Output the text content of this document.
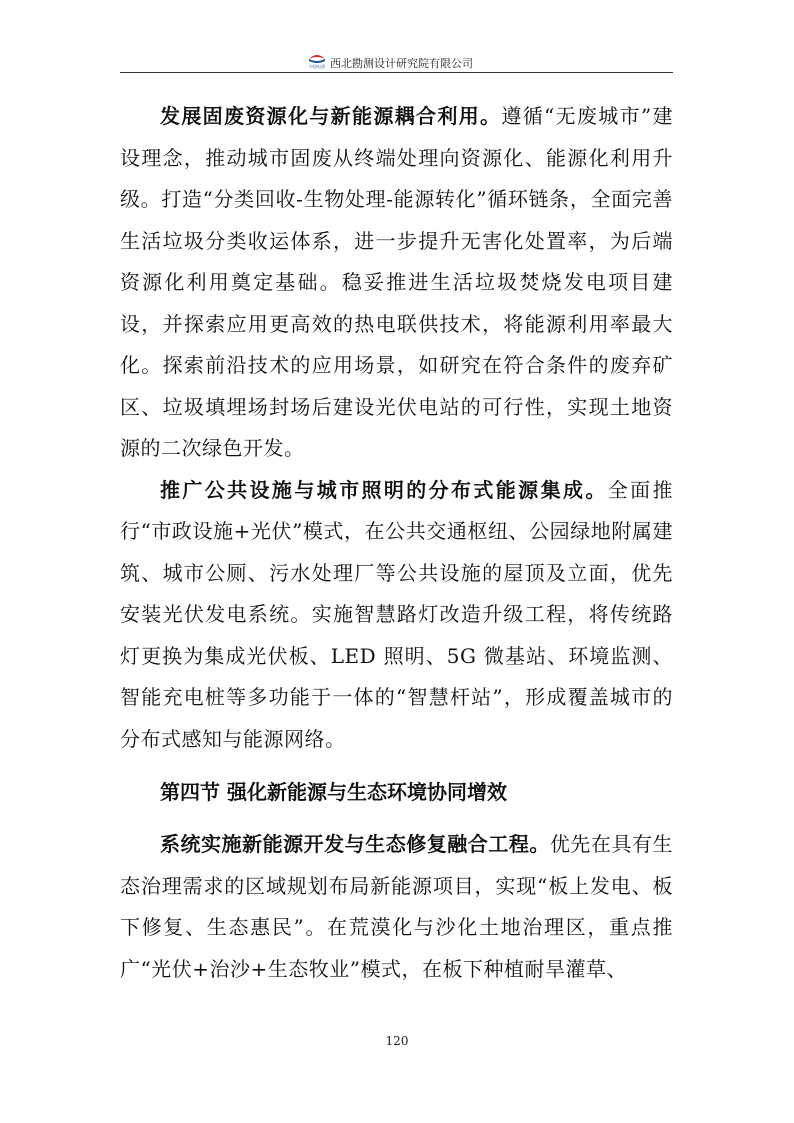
中国电建 西北勘测设计研究院有限公司

发展固废资源化与新能源耦合利用。遵循“无废城市”建设理念，推动城市固废从终端处理向资源化、能源化利用升级。打造“分类回收-生物处理-能源转化”循环链条，全面完善生活垃圾分类收运体系，进一步提升无害化处置率，为后端资源化利用奠定基础。稳妥推进生活垃圾焚烧发电项目建设，并探索应用更高效的热电联供技术，将能源利用率最大化。探索前沿技术的应用场景，如研究在符合条件的废弃矿区、垃圾填埋场封场后建设光伏电站的可行性，实现土地资源的二次绿色开发。

推广公共设施与城市照明的分布式能源集成。全面推行“市政设施+光伏”模式，在公共交通枢纽、公园绿地附属建筑、城市公厕、污水处理厂等公共设施的屋顶及立面，优先安装光伏发电系统。实施智慧路灯改造升级工程，将传统路灯更换为集成光伏板、LED 照明、5G 微基站、环境监测、智能充电桩等多功能于一体的“智慧杆站”，形成覆盖城市的分布式感知与能源网络。

第四节 强化新能源与生态环境协同增效

系统实施新能源开发与生态修复融合工程。优先在具有生态治理需求的区域规划布局新能源项目，实现“板上发电、板下修复、生态惠民”。在荒漠化与沙化土地治理区，重点推广“光伏+治沙+生态牧业”模式，在板下种植耐旱灌草、

120
